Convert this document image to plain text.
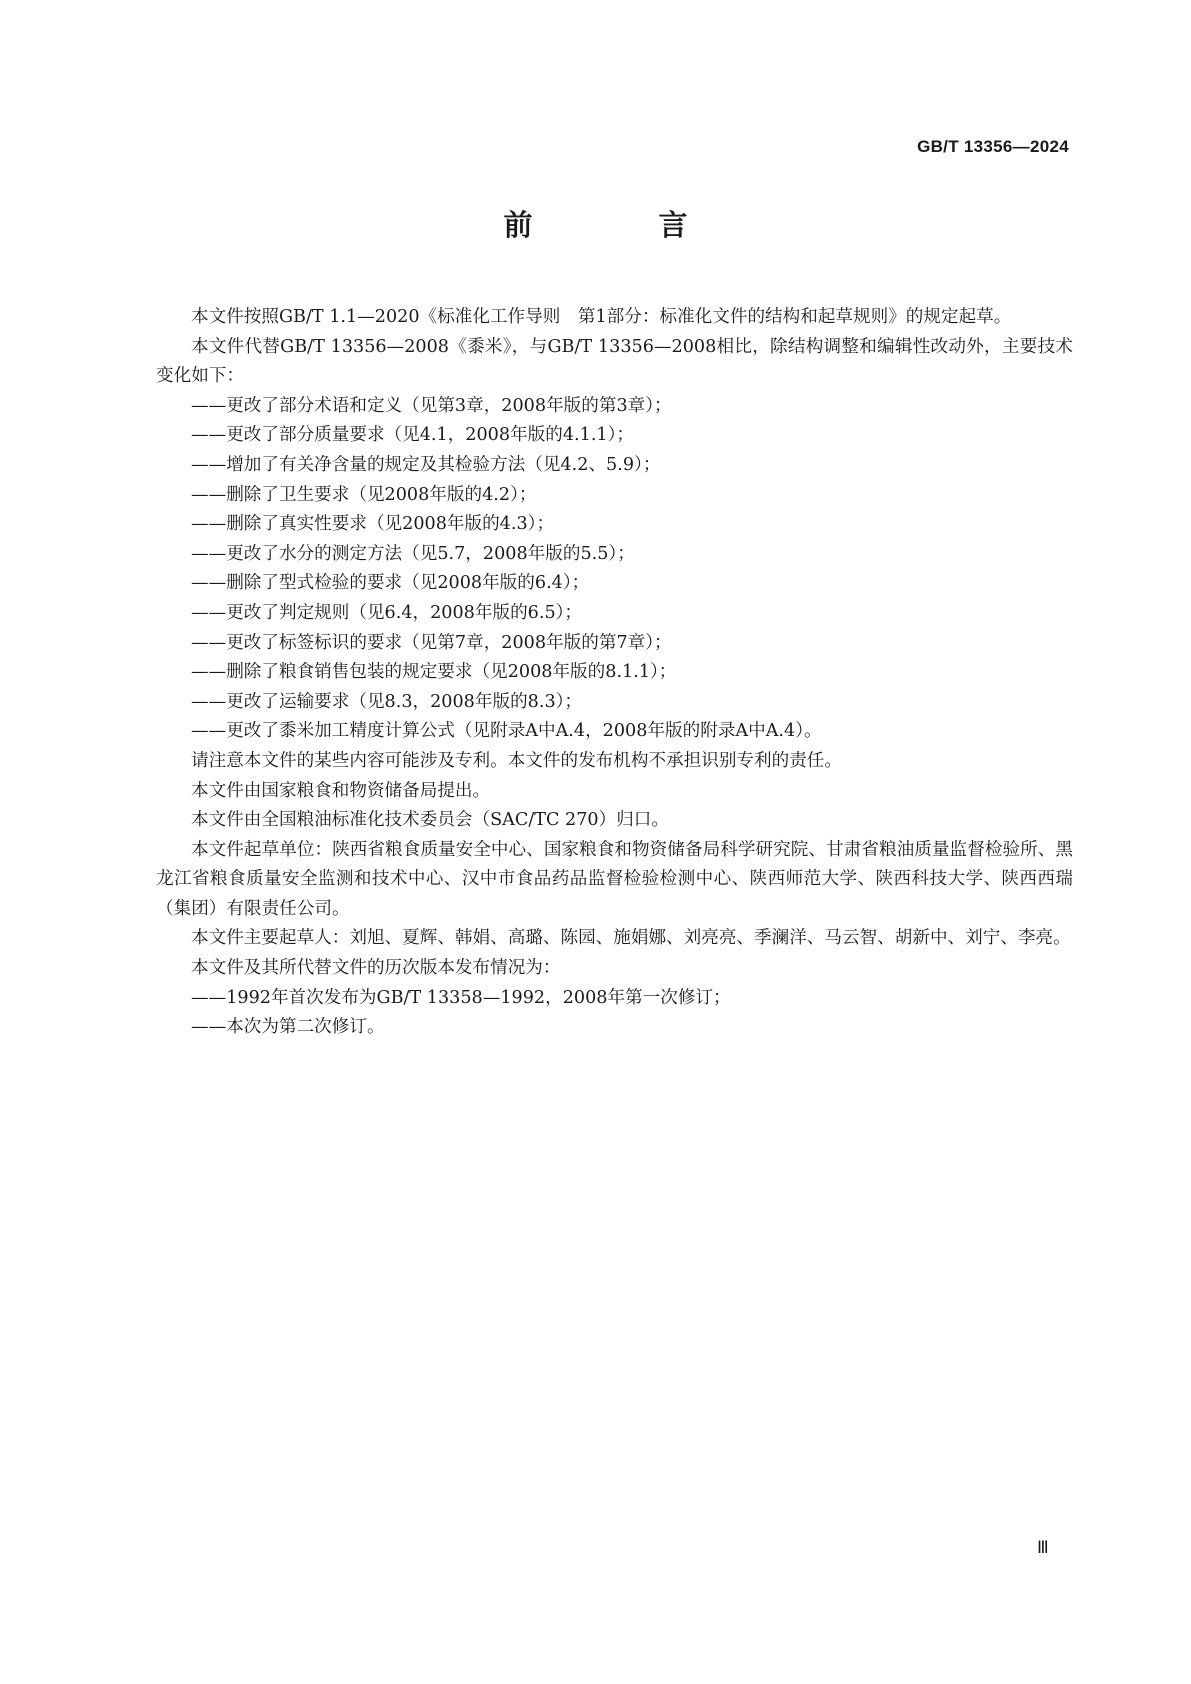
GB/T 13356—2024
前 言

本文件按照GB/T 1.1—2020《标准化工作导则　第1部分：标准化文件的结构和起草规则》的规定起草。

本文件代替GB/T 13356—2008《黍米》，与GB/T 13356—2008相比，除结构调整和编辑性改动外，主要技术变化如下：

——更改了部分术语和定义（见第3章，2008年版的第3章）；

——更改了部分质量要求（见4.1，2008年版的4.1.1）；

——增加了有关净含量的规定及其检验方法（见4.2、5.9）；

——删除了卫生要求（见2008年版的4.2）；

——删除了真实性要求（见2008年版的4.3）；

——更改了水分的测定方法（见5.7，2008年版的5.5）；

——删除了型式检验的要求（见2008年版的6.4）；

——更改了判定规则（见6.4，2008年版的6.5）；

——更改了标签标识的要求（见第7章，2008年版的第7章）；

——删除了粮食销售包装的规定要求（见2008年版的8.1.1）；

——更改了运输要求（见8.3，2008年版的8.3）；

——更改了黍米加工精度计算公式（见附录A中A.4，2008年版的附录A中A.4）。

请注意本文件的某些内容可能涉及专利。本文件的发布机构不承担识别专利的责任。

本文件由国家粮食和物资储备局提出。

本文件由全国粮油标准化技术委员会（SAC/TC 270）归口。

本文件起草单位：陕西省粮食质量安全中心、国家粮食和物资储备局科学研究院、甘肃省粮油质量监督检验所、黑龙江省粮食质量安全监测和技术中心、汉中市食品药品监督检验检测中心、陕西师范大学、陕西科技大学、陕西西瑞（集团）有限责任公司。

本文件主要起草人：刘旭、夏辉、韩娟、高璐、陈园、施娟娜、刘亮亮、季澜洋、马云智、胡新中、刘宁、李亮。

本文件及其所代替文件的历次版本发布情况为：

——1992年首次发布为GB/T 13358—1992，2008年第一次修订；

——本次为第二次修订。

Ⅲ
